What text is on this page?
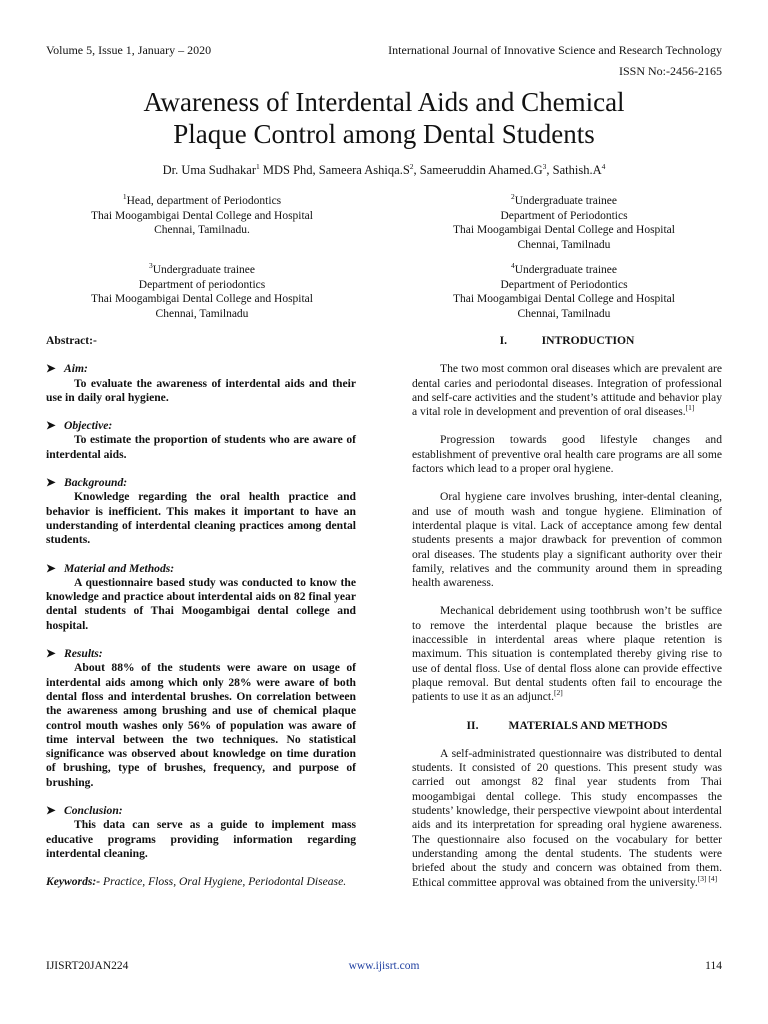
Volume 5, Issue 1, January – 2020	International Journal of Innovative Science and Research Technology
ISSN No:-2456-2165
Awareness of Interdental Aids and Chemical
Plaque Control among Dental Students
Dr. Uma Sudhakar$^1$ MDS Phd, Sameera $Ashiqa.S^2$, Sameeruddin $Ahamed.G^3$, $Sathish.A^4$
$^1$Head, department of Periodontics
Thai Moogambigai Dental College and Hospital
Chennai, Tamilnadu.
$^2$Undergraduate trainee
Department of Periodontics
Thai Moogambigai Dental College and Hospital
Chennai, Tamilnadu
$^3$Undergraduate trainee
Department of periodontics
Thai Moogambigai Dental College and Hospital
Chennai, Tamilnadu
$^4$Undergraduate trainee
Department of Periodontics
Thai Moogambigai Dental College and Hospital
Chennai, Tamilnadu

Abstract:-

➤ Aim:

To evaluate the awareness of interdental aids and their use in daily oral hygiene.

➤ Objective:

To estimate the proportion of students who are aware of interdental aids.

➤ Background:

Knowledge regarding the oral health practice and behavior is inefficient. This makes it important to have an understanding of interdental cleaning practices among dental students.

➤ Material and Methods:

A questionnaire based study was conducted to know the knowledge and practice about interdental aids on 82 final year dental students of Thai Moogambigai dental college and hospital.

➤ Results:

About 88% of the students were aware on usage of interdental aids among which only 28% were aware of both dental floss and interdental brushes. On correlation between the awareness among brushing and use of chemical plaque control mouth washes only 56% of population was aware of time interval between the two techniques. No statistical significance was observed about knowledge on time duration of brushing, type of brushes, frequency, and purpose of brushing.

➤ Conclusion:

This data can serve as a guide to implement mass educative programs providing information regarding interdental cleaning.

Keywords:- Practice, Floss, Oral Hygiene, Periodontal Disease.

I.	INTRODUCTION

The two most common oral diseases which are prevalent are dental caries and periodontal diseases. Integration of professional and self-care activities and the student’s attitude and behavior play a vital role in development and prevention of oral diseases.[1]

Progression towards good lifestyle changes and establishment of preventive oral health care programs are all some factors which lead to a proper oral hygiene.

Oral hygiene care involves brushing, inter-dental cleaning, and use of mouth wash and tongue hygiene. Elimination of interdental plaque is vital. Lack of acceptance among few dental students presents a major drawback for prevention of common oral diseases. The students play a significant authority over their family, relatives and the community around them in spreading health awareness.

Mechanical debridement using toothbrush won’t be suffice to remove the interdental plaque because the bristles are inaccessible in interdental areas where plaque retention is maximum. This situation is contemplated thereby giving rise to use of dental floss. Use of dental floss alone can provide effective plaque removal. But dental students often fail to encourage the patients to use it as an adjunct.[2]

II.	MATERIALS AND METHODS

A self-administrated questionnaire was distributed to dental students. It consisted of 20 questions. This present study was carried out amongst 82 final year students from Thai moogambigai dental college. This study encompasses the students’ knowledge, their perspective viewpoint about interdental aids and its interpretation for spreading oral hygiene awareness. The questionnaire also focused on the vocabulary for better understanding among the dental students. The students were briefed about the study and concern was obtained from them. Ethical committee approval was obtained from the university.[3] [4]

IJISRT20JAN224	www.ijisrt.com	114
